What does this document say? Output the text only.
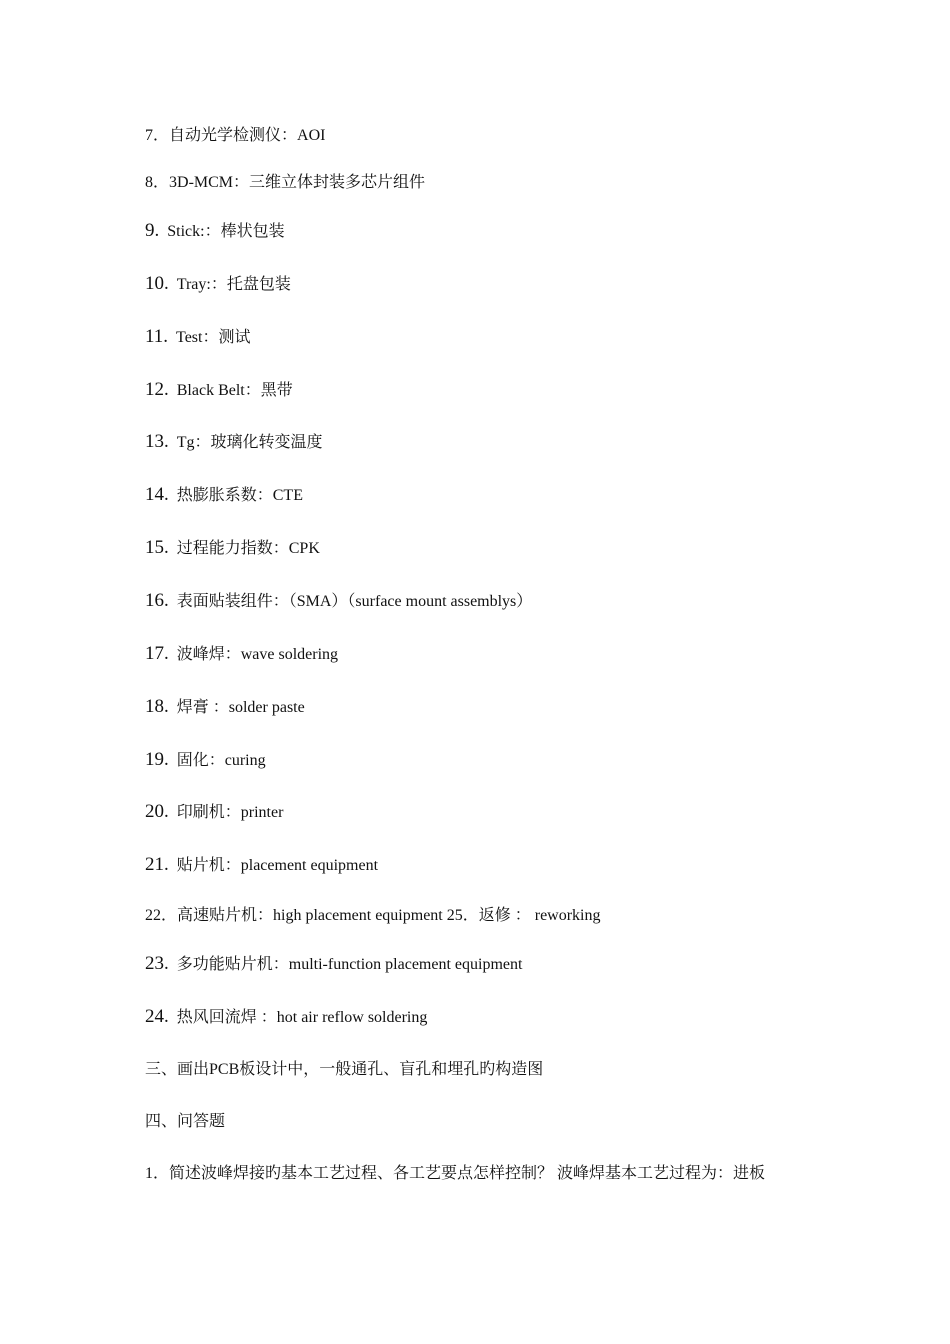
7．自动光学检测仪：AOI
8．3D-MCM：三维立体封装多芯片组件
9. Stick:：棒状包装
10. Tray:：托盘包装
11. Test：测试
12. Black Belt：黑带
13. Tg：玻璃化转变温度
14. 热膨胀系数：CTE
15. 过程能力指数：CPK
16. 表面贴装组件：（SMA）（surface mount assemblys）
17. 波峰焊：wave soldering
18. 焊膏 ：solder paste
19. 固化：curing
20. 印刷机：printer
21. 贴片机：placement equipment
22．高速贴片机：high placement equipment 25．返修 ： reworking
23. 多功能贴片机：multi-function placement equipment
24. 热风回流焊 ：hot air reflow soldering
三、画出PCB板设计中，一般通孔、盲孔和埋孔旳构造图
四、问答题
1．简述波峰焊接旳基本工艺过程、各工艺要点怎样控制？ 波峰焊基本工艺过程为：进板
